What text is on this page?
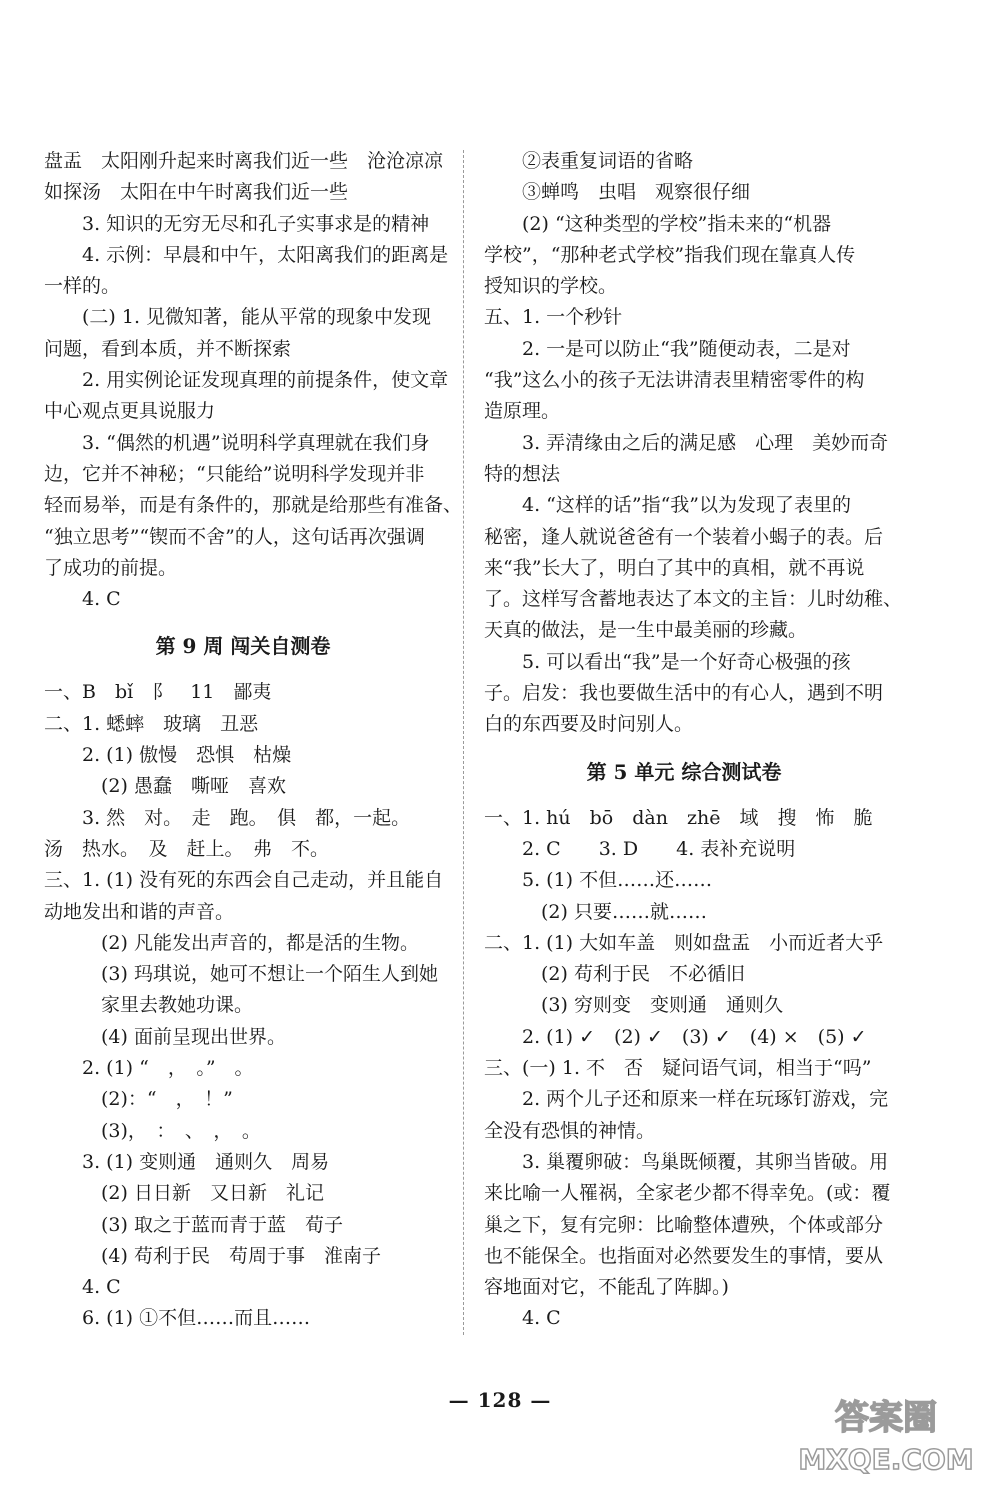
盘盂　太阳刚升起来时离我们近一些　沧沧凉凉
如探汤　太阳在中午时离我们近一些
3. 知识的无穷无尽和孔子实事求是的精神
4. 示例：早晨和中午，太阳离我们的距离是
一样的。
(二) 1. 见微知著，能从平常的现象中发现
问题，看到本质，并不断探索
2. 用实例论证发现真理的前提条件，使文章
中心观点更具说服力
3. “偶然的机遇”说明科学真理就在我们身
边，它并不神秘；“只能给”说明科学发现并非
轻而易举，而是有条件的，那就是给那些有准备、
“独立思考”“锲而不舍”的人，这句话再次强调
了成功的前提。
4. C
第 9 周 闯关自测卷
一、B　bǐ　阝　11　鄙夷
二、1. 蟋蟀　玻璃　丑恶
2. (1) 傲慢　恐惧　枯燥
(2) 愚蠢　嘶哑　喜欢
3. 然　对。　走　跑。　俱　都，一起。
汤　热水。　及　赶上。　弗　不。
三、1. (1) 没有死的东西会自己走动，并且能自
动地发出和谐的声音。
(2) 凡能发出声音的，都是活的生物。
(3) 玛琪说，她可不想让一个陌生人到她
家里去教她功课。
(4) 面前呈现出世界。
2. (1) “　，　。”　。
(2)：“　，　！”
(3)，　：　、　，　。
3. (1) 变则通　通则久　周易
(2) 日日新　又日新　礼记
(3) 取之于蓝而青于蓝　荀子
(4) 苟利于民　苟周于事　淮南子
4. C
6. (1) ①不但……而且……
②表重复词语的省略
③蝉鸣　虫唱　观察很仔细
(2) “这种类型的学校”指未来的“机器
学校”，“那种老式学校”指我们现在靠真人传
授知识的学校。
五、1. 一个秒针
2. 一是可以防止“我”随便动表，二是对
“我”这么小的孩子无法讲清表里精密零件的构
造原理。
3. 弄清缘由之后的满足感　心理　美妙而奇
特的想法
4. “这样的话”指“我”以为发现了表里的
秘密，逢人就说爸爸有一个装着小蝎子的表。后
来“我”长大了，明白了其中的真相，就不再说
了。这样写含蓄地表达了本文的主旨：儿时幼稚、
天真的做法，是一生中最美丽的珍藏。
5. 可以看出“我”是一个好奇心极强的孩
子。启发：我也要做生活中的有心人，遇到不明
白的东西要及时问别人。
第 5 单元 综合测试卷
一、1. hú　bō　dàn　zhē　域　搜　怖　脆
2. C　　3. D　　4. 表补充说明
5. (1) 不但……还……
(2) 只要……就……
二、1. (1) 大如车盖　则如盘盂　小而近者大乎
(2) 苟利于民　不必循旧
(3) 穷则变　变则通　通则久
2. (1) ✓　(2) ✓　(3) ✓　(4) ×　(5) ✓
三、(一) 1. 不　否　疑问语气词，相当于“吗”
2. 两个儿子还和原来一样在玩琢钉游戏，完
全没有恐惧的神情。
3. 巢覆卵破：鸟巢既倾覆，其卵当皆破。用
来比喻一人罹祸，全家老少都不得幸免。(或：覆
巢之下，复有完卵：比喻整体遭殃，个体或部分
也不能保全。也指面对必然要发生的事情，要从
容地面对它，不能乱了阵脚。)
4. C
— 128 —	答案圈
MXQE.COM
